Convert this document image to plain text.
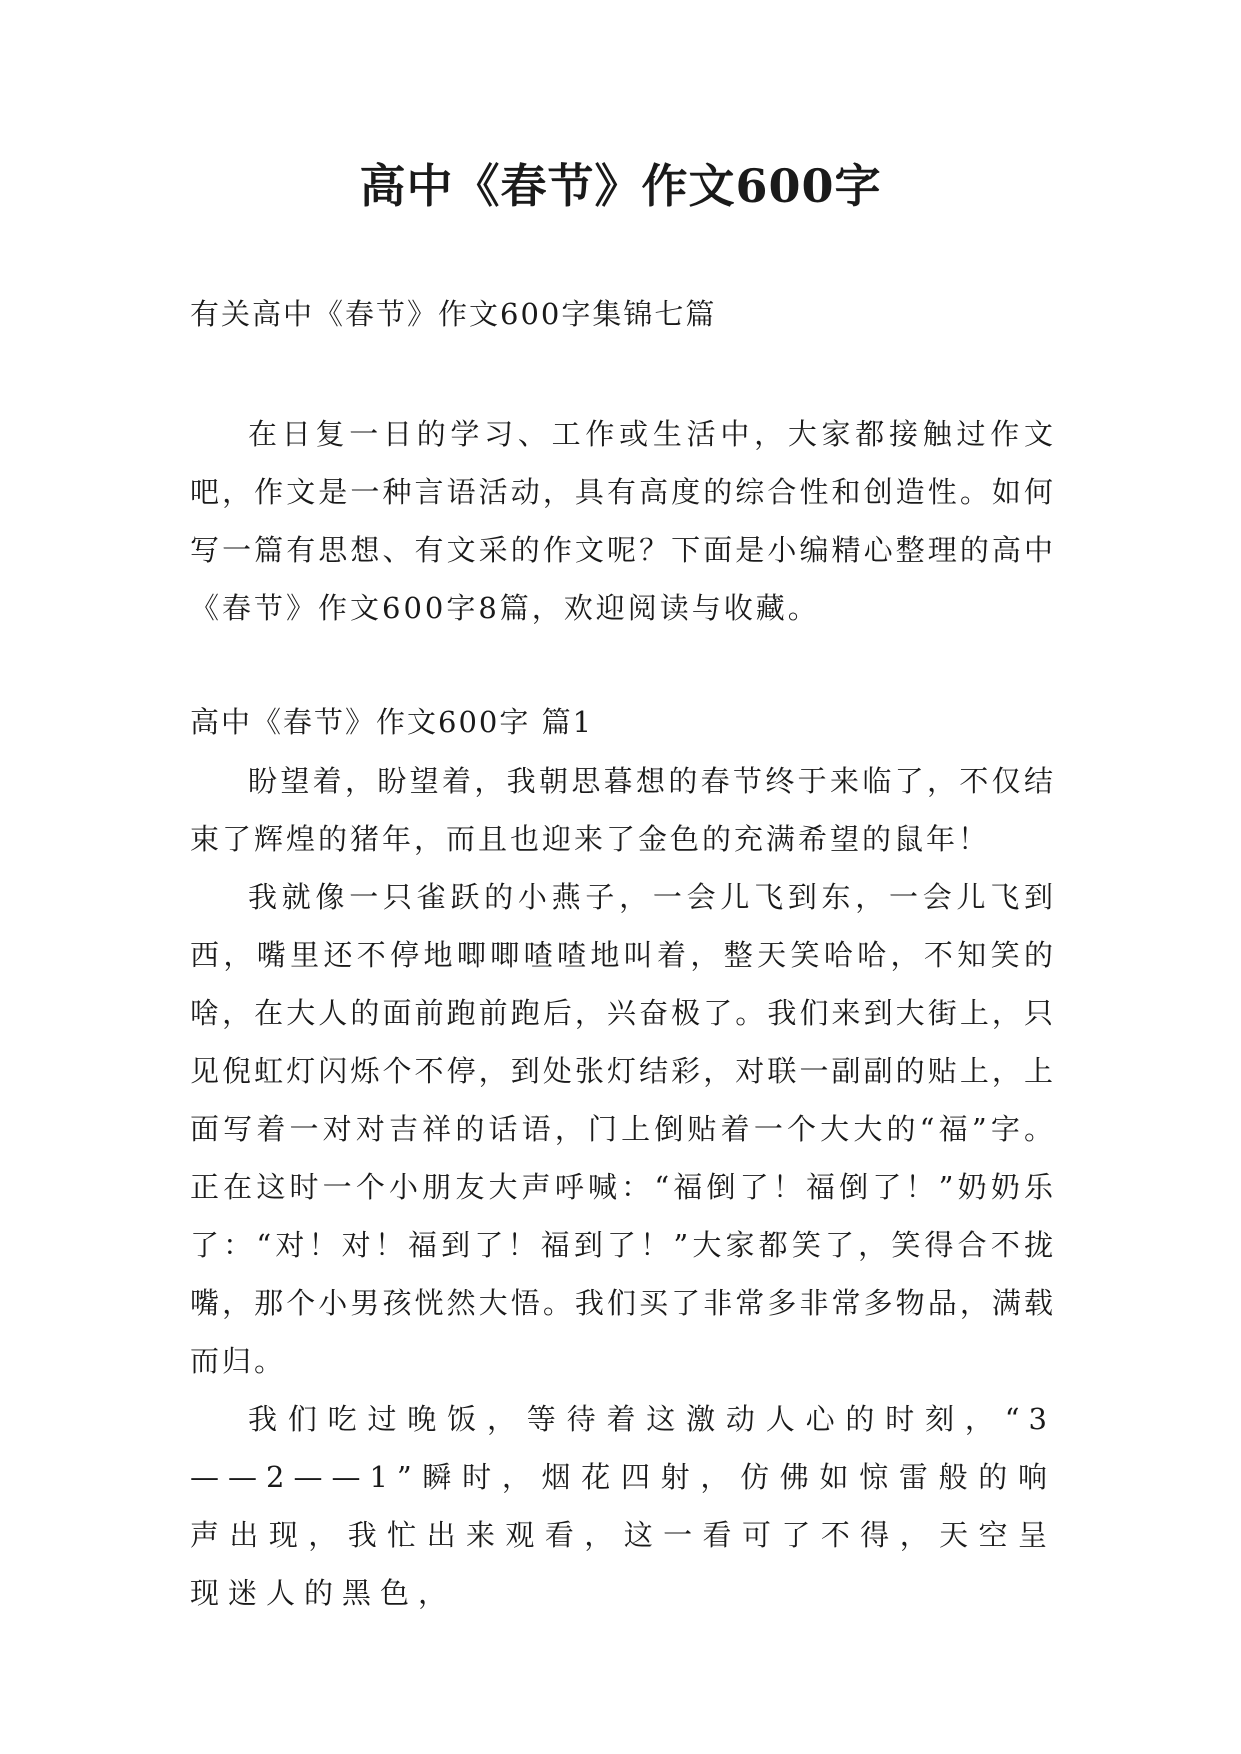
高中《春节》作文600字
有关高中《春节》作文600字集锦七篇

在日复一日的学习、工作或生活中，大家都接触过作文吧，作文是一种言语活动，具有高度的综合性和创造性。如何写一篇有思想、有文采的作文呢？下面是小编精心整理的高中《春节》作文600字8篇，欢迎阅读与收藏。

高中《春节》作文600字 篇1

盼望着，盼望着，我朝思暮想的春节终于来临了，不仅结束了辉煌的猪年，而且也迎来了金色的充满希望的鼠年！

我就像一只雀跃的小燕子，一会儿飞到东，一会儿飞到西，嘴里还不停地唧唧喳喳地叫着，整天笑哈哈，不知笑的啥，在大人的面前跑前跑后，兴奋极了。我们来到大街上，只见倪虹灯闪烁个不停，到处张灯结彩，对联一副副的贴上，上面写着一对对吉祥的话语，门上倒贴着一个大大的“福”字。正在这时一个小朋友大声呼喊：“福倒了！福倒了！”奶奶乐了：“对！对！福到了！福到了！”大家都笑了，笑得合不拢嘴，那个小男孩恍然大悟。我们买了非常多非常多物品，满载而归。

我们吃过晚饭，等待着这激动人心的时刻，“3——2——1”瞬时，烟花四射，仿佛如惊雷般的响声出现，我忙出来观看，这一看可了不得，天空呈现迷人的黑色，
